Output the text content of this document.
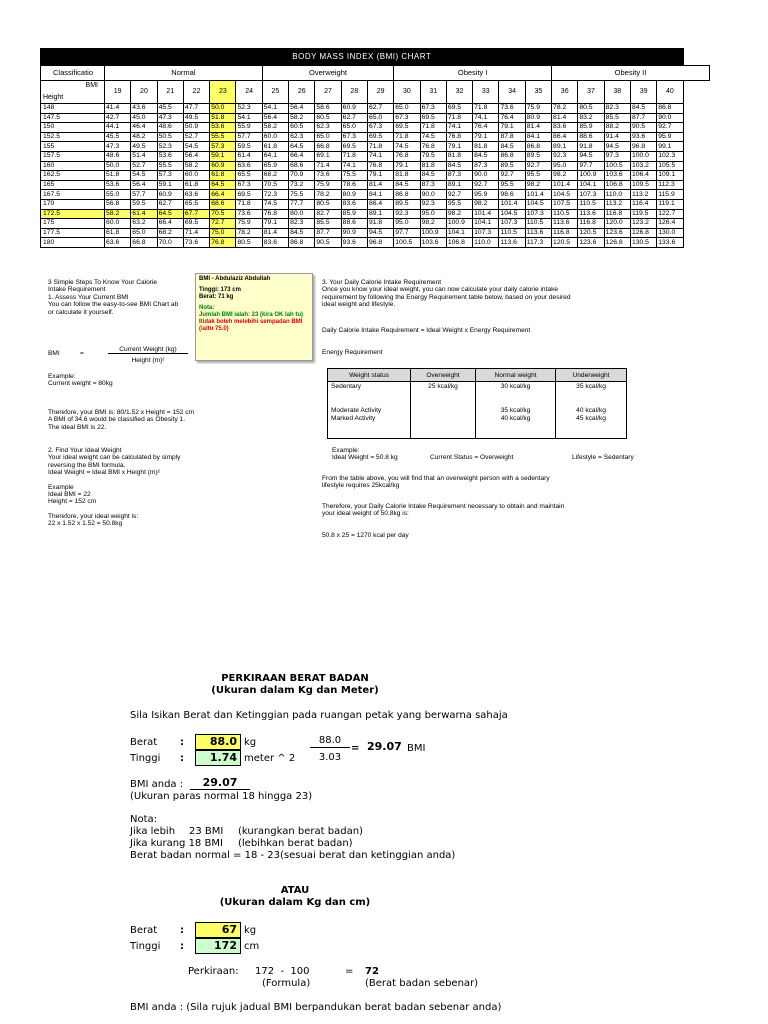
BODY MASS INDEX (BMI) CHART																						
Classificatio	Normal						Overweight					Obesity I						Obesity II				

BMI
Height	19	20	21	22	23	24	25	26	27	28	29	30	31	32	33	34	35	36	37	38	39	40
148	41.4	43.6	45.5	47.7	50.0	52.3	54.1	56.4	58.6	60.9	62.7	65.0	67.3	69.5	71.8	73.6	75.9	78.2	80.5	82.3	84.5	86.8
147.5	42.7	45.0	47.3	49.5	51.8	54.1	56.4	58.2	60.5	62.7	65.0	67.3	69.5	71.8	74.1	76.4	80.9	81.4	83.2	85.5	87.7	90.0
150	44.1	46.4	48.6	50.9	53.6	55.9	58.2	60.5	62.3	65.0	67.3	69.5	71.8	74.1	76.4	79.1	81.4	83.6	85.9	88.2	90.5	92.7
152.5	45.5	48.2	50.5	52.7	55.5	57.7	60.0	62.3	65.0	67.3	69.5	71.8	74.5	76.8	79.1	87.8	84.1	86.4	88.6	91.4	93.6	95.9
155	47.3	49.5	52.3	54.5	57.3	59.5	61.8	64.5	66.8	69.5	71.8	74.5	76.8	79.1	81.8	84.5	86.8	89.1	91.8	94.5	96.8	99.1
157.5	48.6	51.4	53.6	56.4	59.1	61.4	64.1	66.4	69.1	71.8	74.1	76.8	79.5	81.8	84.5	86.8	89.5	92.3	94.5	97.3	100.0	102.3
160	50.0	52.7	55.5	58.2	60.9	63.6	65.9	68.6	71.4	74.1	76.8	79.1	81.8	84.5	87.3	89.5	92.7	95.0	97.7	100.5	103.2	105.5
162.5	51.8	54.5	57.3	60.0	61.8	65.5	68.2	70.9	73.6	75.5	79.1	81.8	84.5	87.3	90.0	92.7	95.5	98.2	100.9	103.6	106.4	109.1
165	53.6	56.4	59.1	61.8	64.5	67.3	70.5	73.2	75.9	78.6	81.4	84.5	87.3	89.1	92.7	95.5	98.2	101.4	104.1	106.8	109.5	112.3
167.5	55.0	57.7	60.9	63.6	66.4	69.5	72.3	75.5	78.2	80.9	84.1	86.8	90.0	92.7	95.9	98.6	101.4	104.5	107.3	110.0	113.2	115.9
170	56.8	59.5	62.7	65.5	68.6	71.8	74.5	77.7	80.5	83.6	86.4	89.5	92.3	95.5	98.2	101.4	104.5	107.5	110.5	113.2	116.4	119.1
172.5	58.2	61.4	64.5	67.7	70.5	73.6	76.8	80.0	82.7	85.9	89.1	92.3	95.0	98.2	101.4	104.5	107.3	110.5	113.6	116.8	119.5	122.7
175	60.0	63.2	66.4	69.5	72.7	75.9	79.1	82.3	85.5	88.6	91.8	95.0	98.2	100.9	104.1	107.3	110.5	113.6	116.8	120.0	123.2	126.4
177.5	61.8	65.0	68.2	71.4	75.0	78.2	81.4	84.5	87.7	90.9	94.5	97.7	100.9	104.1	107.3	110.5	113.6	116.8	120.5	123.6	126.8	130.0
180	63.6	66.8	70.0	73.6	76.8	80.5	83.6	86.8	90.5	93.6	96.8	100.5	103.6	106.8	110.0	113.6	117.3	120.5	123.6	126.8	130.5	133.6
3 Simple Steps To Know Your Calorie
Intake Requirement
1. Assess Your Current BMI
You can follow the easy-to-see BMI Chart ab
or calculate it yourself.
BMI	=
Current Weight (kg)
Height (m)²
Example:
Current weight = 80kg
Therefore, your BMI is: 80/1.52 x Height = 152 cm
A BMI of 34.6 would be classified as Obesity 1.
The ideal BMI is 22.
2. Find Your Ideal Weight
Your ideal weight can be calculated by simply
reversing the BMI formula.
Ideal Weight = Ideal BMI x Height (m)²
Example
Ideal BMI = 22
Height = 152 cm
Therefore, your ideal weight is:
22 x 1.52 x 1.52 = 50.8kg
BMI - Abdulaziz Abdullah
Tinggi: 173 cm
Berat: 71 kg
Nota:
Jumlah BMI ialah: 23 (kira OK lah tu)
Itidak boleh melebihi sempadan BMI (iaitu 75.0)
3. Your Daily Calorie Intake Requirement
Once you know your ideal weight, you can now calculate your daily calorie intake
requirement by following the Energy Requirement table below, based on your desired
ideal weight and lifestyle.
Daily Calorie Intake Requirement = Ideal Weight x Energy Requirement
Energy Requirement
Weight status	Overweight	Normal weight	Underweight
Sedentary	25 kcal/kg	30 kcal/kg	35 kcal/kg

Moderate Activity		35 kcal/kg	40 kcal/kg
Marked Activity		40 kcal/kg	45 kcal/kg

Example:
Ideal Weight = 50.8 kg	Current Status = Overweight	Lifestyle = Sedentary
From the table above, you will find that an overweight person with a sedentary
lifestyle requires 25kcal/kg
Therefore, your Daily Calorie Intake Requirement necessary to obtain and maintain
your ideal weight of 50.8kg is:
50.8 x 25 = 1270 kcal per day
PERKIRAAN BERAT BADAN
(Ukuran dalam Kg dan Meter)
Sila Isikan Berat dan Ketinggian pada ruangan petak yang berwarna sahaja
Berat :	88.0 kg
Tinggi :	1.74 meter ^ 2
88.0
3.03
= 29.07 BMI
BMI anda :	29.07
(Ukuran paras normal 18 hingga 23)
Nota:
Jika lebih 23 BMI (kurangkan berat badan)
Jika kurang 18 BMI (lebihkan berat badan)
Berat badan normal = 18 - 23(sesuai berat dan ketinggian anda)
ATAU
(Ukuran dalam Kg dan cm)
Berat :	67 kg
Tinggi :	172 cm
Perkiraan: 172  -  100
(Formula)
= 72
(Berat badan sebenar)
BMI anda : (Sila rujuk jadual BMI berpandukan berat badan sebenar anda)
